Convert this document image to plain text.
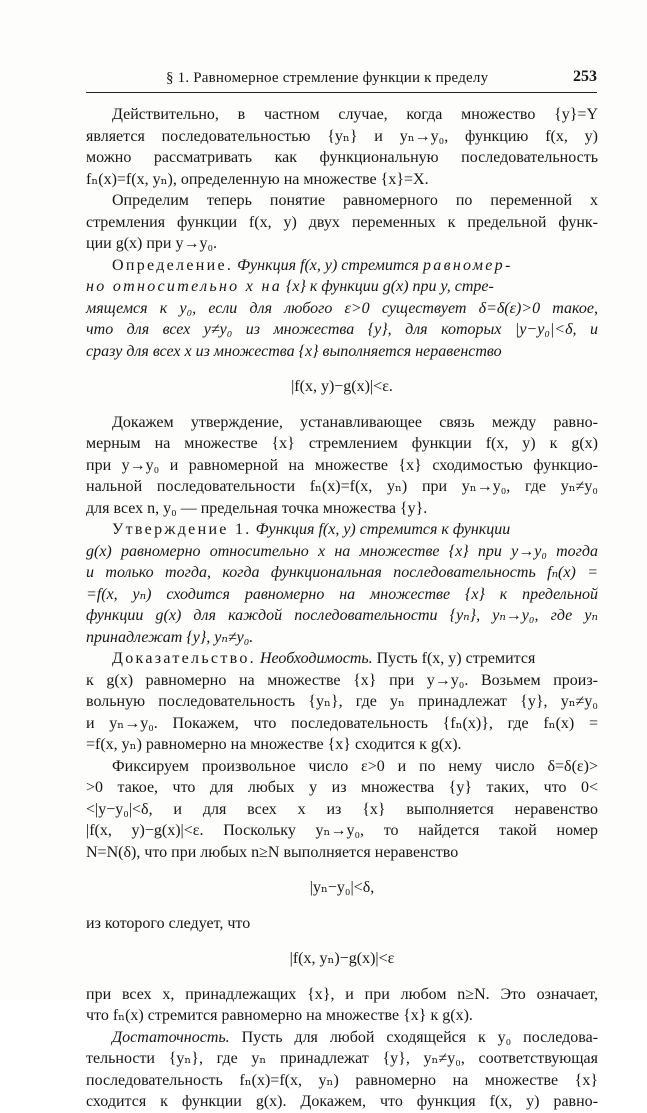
§ 1. Равномерное стремление функции к пределу	253
Действительно, в частном случае, когда множество {y}=Y
является последовательностью {yₙ} и yₙ→y₀, функцию f(x, y)
можно рассматривать как функциональную последовательность
fₙ(x)=f(x, yₙ), определенную на множестве {x}=X.
Определим теперь понятие равномерного по переменной x
стремления функции f(x, y) двух переменных к предельной функ-
ции g(x) при y→y₀.
Определение. Функция f(x, y) стремится равномер-
но относительно x на {x} к функции g(x) при y, стре-
мящемся к y₀, если для любого ε>0 существует δ=δ(ε)>0 такое,
что для всех y≠y₀ из множества {y}, для которых |y−y₀|<δ, и
сразу для всех x из множества {x} выполняется неравенство
|f(x, y)−g(x)|<ε.
Докажем утверждение, устанавливающее связь между равно-
мерным на множестве {x} стремлением функции f(x, y) к g(x)
при y→y₀ и равномерной на множестве {x} сходимостью функцио-
нальной последовательности fₙ(x)=f(x, yₙ) при yₙ→y₀, где yₙ≠y₀
для всех n, y₀ — предельная точка множества {y}.
Утверждение 1. Функция f(x, y) стремится к функции
g(x) равномерно относительно x на множестве {x} при y→y₀ тогда
и только тогда, когда функциональная последовательность fₙ(x) =
=f(x, yₙ) сходится равномерно на множестве {x} к предельной
функции g(x) для каждой последовательности {yₙ}, yₙ→y₀, где yₙ
принадлежат {y}, yₙ≠y₀.
Доказательство. Необходимость. Пусть f(x, y) стремится
к g(x) равномерно на множестве {x} при y→y₀. Возьмем произ-
вольную последовательность {yₙ}, где yₙ принадлежат {y}, yₙ≠y₀
и yₙ→y₀. Покажем, что последовательность {fₙ(x)}, где fₙ(x) =
=f(x, yₙ) равномерно на множестве {x} сходится к g(x).
Фиксируем произвольное число ε>0 и по нему число δ=δ(ε)>
>0 такое, что для любых y из множества {y} таких, что 0<
<|y−y₀|<δ, и для всех x из {x} выполняется неравенство
|f(x, y)−g(x)|<ε. Поскольку yₙ→y₀, то найдется такой номер
N=N(δ), что при любых n≥N выполняется неравенство
|yₙ−y₀|<δ,
из которого следует, что
|f(x, yₙ)−g(x)|<ε
при всех x, принадлежащих {x}, и при любом n≥N. Это означает,
что fₙ(x) стремится равномерно на множестве {x} к g(x).
Достаточность. Пусть для любой сходящейся к y₀ последова-
тельности {yₙ}, где yₙ принадлежат {y}, yₙ≠y₀, соответствующая
последовательность fₙ(x)=f(x, yₙ) равномерно на множестве {x}
сходится к функции g(x). Докажем, что функция f(x, y) равно-
